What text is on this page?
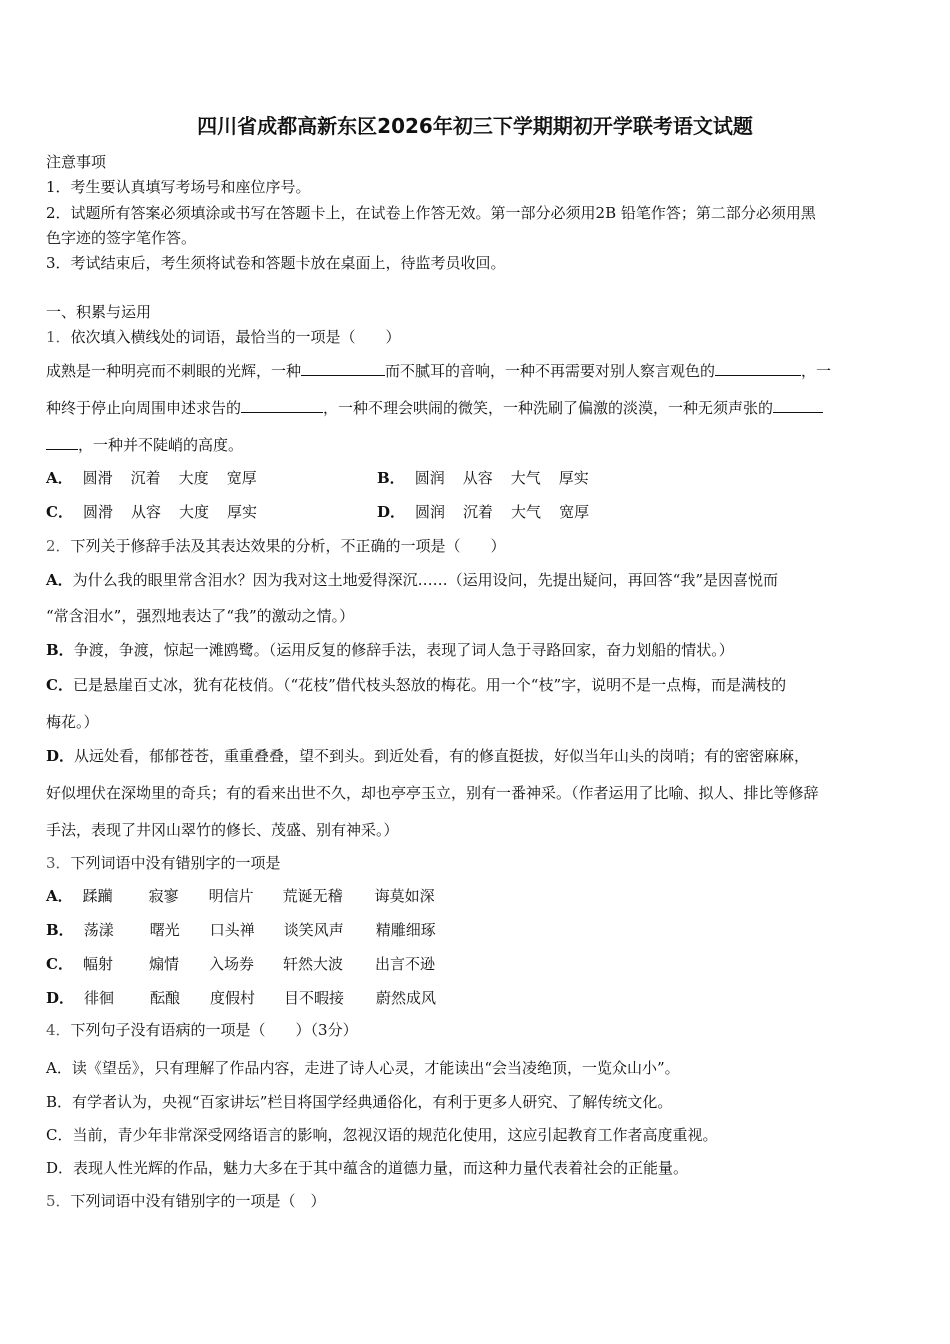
四川省成都高新东区2026年初三下学期期初开学联考语文试题
注意事项
1．考生要认真填写考场号和座位序号。
2．试题所有答案必须填涂或书写在答题卡上，在试卷上作答无效。第一部分必须用2B 铅笔作答；第二部分必须用黑
色字迹的签字笔作答。
3．考试结束后，考生须将试卷和答题卡放在桌面上，待监考员收回。
一、积累与运用
1．依次填入横线处的词语，最恰当的一项是（　　）
成熟是一种明亮而不刺眼的光辉，一种	而不腻耳的音响，一种不再需要对别人察言观色的	，一
种终于停止向周围申述求告的	，一种不理会哄闹的微笑，一种洗刷了偏激的淡漠，一种无须声张的
，一种并不陡峭的高度。
A． 圆滑 沉着 大度 宽厚	B． 圆润 从容 大气 厚实
C． 圆滑 从容 大度 厚实	D． 圆润 沉着 大气 宽厚
2．下列关于修辞手法及其表达效果的分析，不正确的一项是（　　）
A．为什么我的眼里常含泪水？因为我对这土地爱得深沉……（运用设问，先提出疑问，再回答“我”是因喜悦而
“常含泪水”，强烈地表达了“我”的激动之情。）
B．争渡，争渡，惊起一滩鸥鹭。（运用反复的修辞手法，表现了词人急于寻路回家，奋力划船的情状。）
C．已是悬崖百丈冰，犹有花枝俏。（“花枝”借代枝头怒放的梅花。用一个“枝”字，说明不是一点梅，而是满枝的
梅花。）
D．从远处看，郁郁苍苍，重重叠叠，望不到头。到近处看，有的修直挺拔，好似当年山头的岗哨；有的密密麻麻，
好似埋伏在深坳里的奇兵；有的看来出世不久，却也亭亭玉立，别有一番神采。（作者运用了比喻、拟人、排比等修辞
手法，表现了井冈山翠竹的修长、茂盛、别有神采。）
3．下列词语中没有错别字的一项是
A． 蹂躏 寂寥 明信片 荒诞无稽 诲莫如深
B． 荡漾 曙光 口头禅 谈笑风声 精雕细琢
C． 幅射 煽情 入场券 轩然大波 出言不逊
D． 徘徊 酝酿 度假村 目不暇接 蔚然成风
4．下列句子没有语病的一项是（　　）（3分）
A．读《望岳》，只有理解了作品内容，走进了诗人心灵，才能读出“会当凌绝顶，一览众山小”。
B．有学者认为，央视“百家讲坛”栏目将国学经典通俗化，有利于更多人研究、了解传统文化。
C．当前，青少年非常深受网络语言的影响，忽视汉语的规范化使用，这应引起教育工作者高度重视。
D．表现人性光辉的作品，魅力大多在于其中蕴含的道德力量，而这种力量代表着社会的正能量。
5．下列词语中没有错别字的一项是（　）
